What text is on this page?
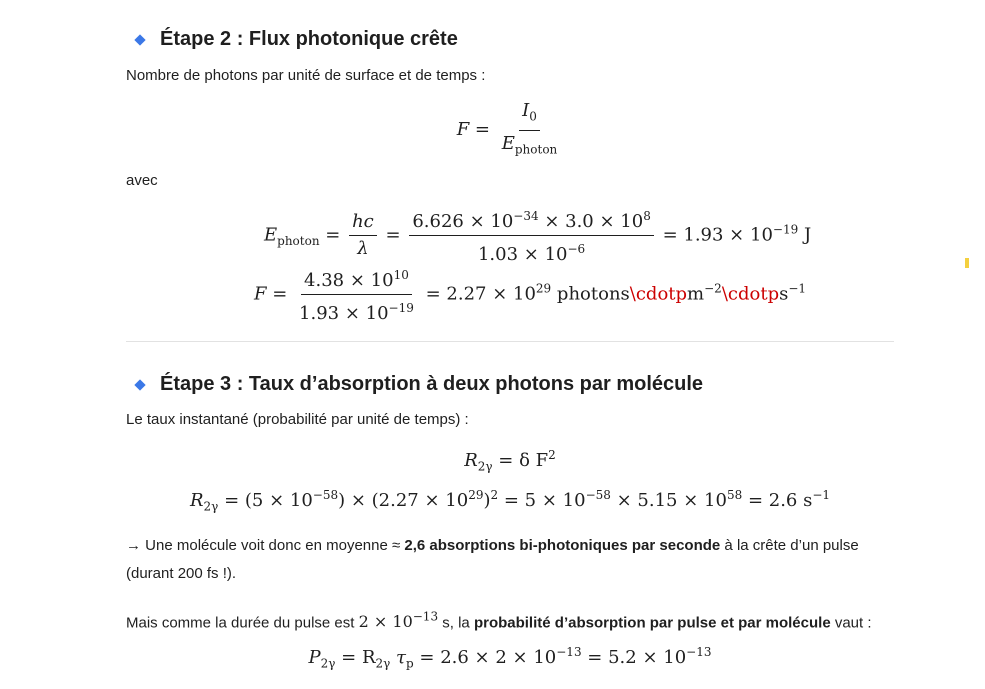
Étape 2 : Flux photonique crête
Nombre de photons par unité de surface et de temps :
$F = \frac{I_0}{E_{photon}}$
avec
$E_{photon} = \frac{hc}{\lambda} = \frac{6.626 \times 10^{-34} \times 3.0 \times 10^8}{1.03 \times 10^{-6}} = 1.93 \times 10^{-19}$ J
$F = \frac{4.38 \times 10^{10}}{1.93 \times 10^{-19}} = 2.27 \times 10^{29}$ photons\cdotpm$^{-2}$\cdotps$^{-1}$
Étape 3 : Taux d’absorption à deux photons par molécule
Le taux instantané (probabilité par unité de temps) :
$R_{2\gamma} = \delta$ $F^2$
$R_{2\gamma} = (5 \times 10^{-58}) \times (2.27 \times 10^{29})^2 = 5 \times 10^{-58} \times 5.15 \times 10^{58} = 2.6$ $s^{-1}$
→ Une molécule voit donc en moyenne ≈ 2,6 absorptions bi-photoniques par seconde à la crête d’un pulse
(durant 200 fs !).
Mais comme la durée du pulse est $2 \times 10^{-13}$ s, la probabilité d’absorption par pulse et par molécule vaut :
$P_{2\gamma} = R_{2\gamma}$ $\tau_p = 2.6 \times 2 \times 10^{-13} = 5.2 \times 10^{-13}$
